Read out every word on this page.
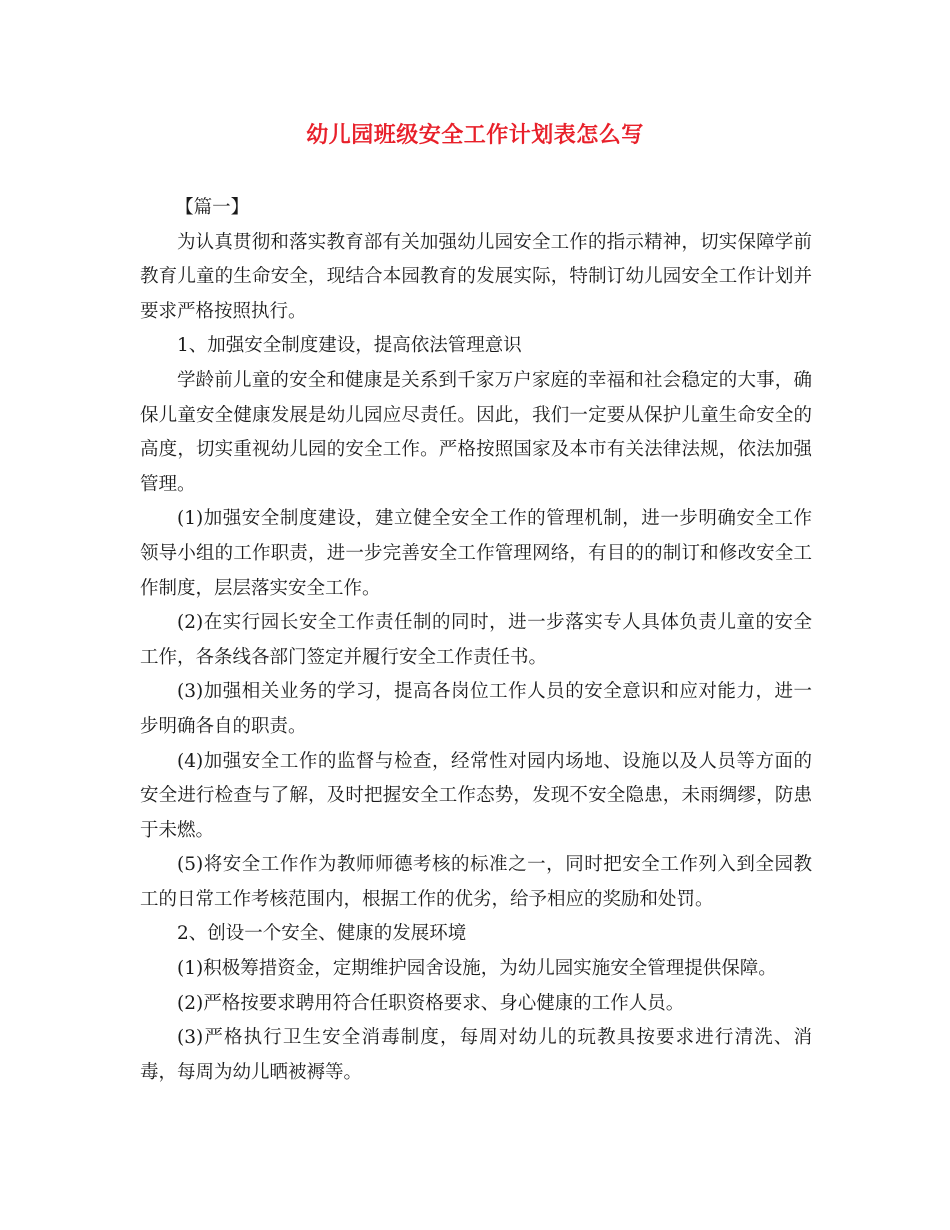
幼儿园班级安全工作计划表怎么写

【篇一】

为认真贯彻和落实教育部有关加强幼儿园安全工作的指示精神，切实保障学前教育儿童的生命安全，现结合本园教育的发展实际，特制订幼儿园安全工作计划并要求严格按照执行。

1、加强安全制度建设，提高依法管理意识

学龄前儿童的安全和健康是关系到千家万户家庭的幸福和社会稳定的大事，确保儿童安全健康发展是幼儿园应尽责任。因此，我们一定要从保护儿童生命安全的高度，切实重视幼儿园的安全工作。严格按照国家及本市有关法律法规，依法加强管理。

(1)加强安全制度建设，建立健全安全工作的管理机制，进一步明确安全工作领导小组的工作职责，进一步完善安全工作管理网络，有目的的制订和修改安全工作制度，层层落实安全工作。

(2)在实行园长安全工作责任制的同时，进一步落实专人具体负责儿童的安全工作，各条线各部门签定并履行安全工作责任书。

(3)加强相关业务的学习，提高各岗位工作人员的安全意识和应对能力，进一步明确各自的职责。

(4)加强安全工作的监督与检查，经常性对园内场地、设施以及人员等方面的安全进行检查与了解，及时把握安全工作态势，发现不安全隐患，未雨绸缪，防患于未燃。

(5)将安全工作作为教师师德考核的标准之一，同时把安全工作列入到全园教工的日常工作考核范围内，根据工作的优劣，给予相应的奖励和处罚。

2、创设一个安全、健康的发展环境

(1)积极筹措资金，定期维护园舍设施，为幼儿园实施安全管理提供保障。

(2)严格按要求聘用符合任职资格要求、身心健康的工作人员。

(3)严格执行卫生安全消毒制度，每周对幼儿的玩教具按要求进行清洗、消毒，每周为幼儿晒被褥等。
